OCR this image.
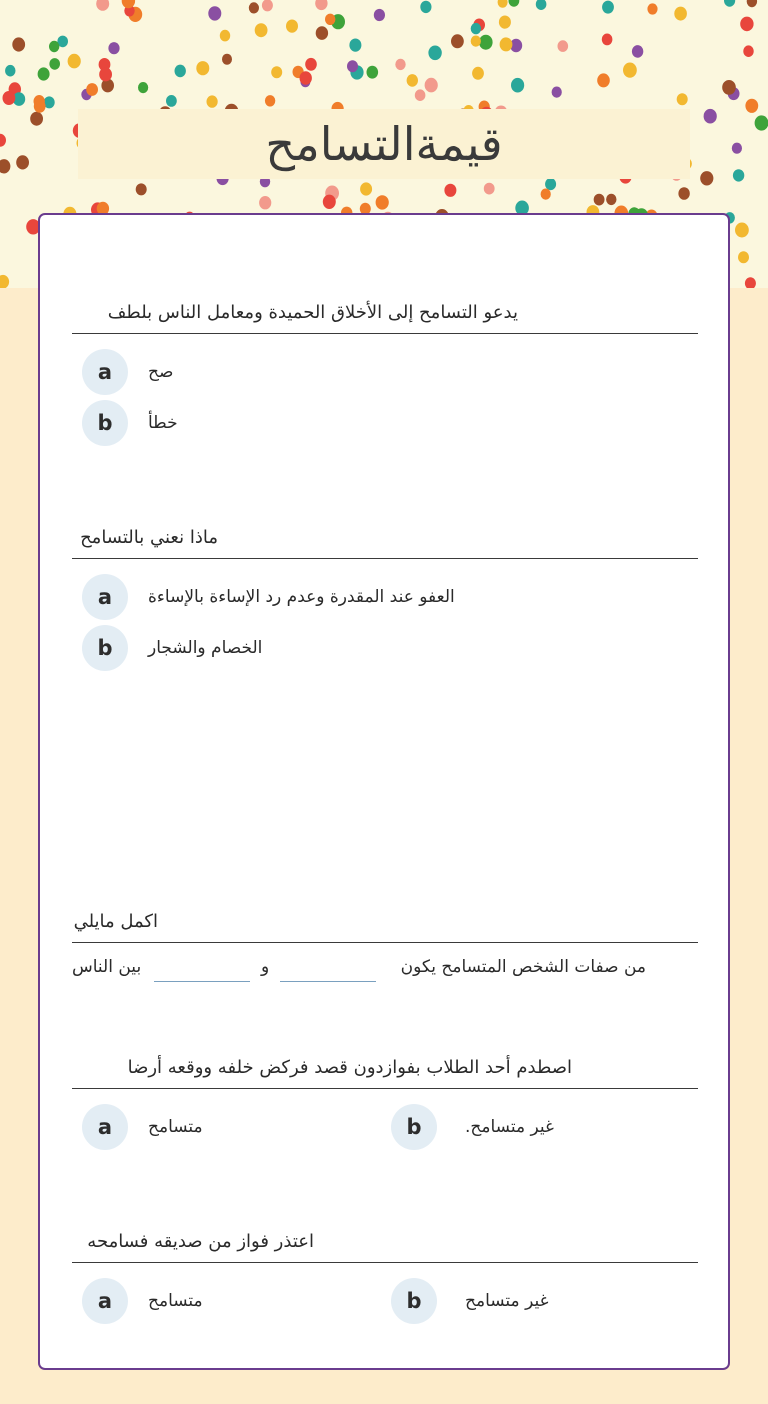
قيمةالتسامح
يدعو التسامح إلى الأخلاق الحميدة ومعامل الناس بلطف
a	صح
b	خطأ
ماذا نعني بالتسامح
a	العفو عند المقدرة وعدم رد الإساءة بالإساءة
b	الخصام والشجار
اكمل مايلي
من صفات الشخص المتسامح يكون
و
بين الناس
اصطدم أحد الطلاب بفوازدون قصد فركض خلفه ووقعه أرضا
a	متسامح	b	غير متسامح.
اعتذر فواز من صديقه فسامحه
a	متسامح	b	غير متسامح
